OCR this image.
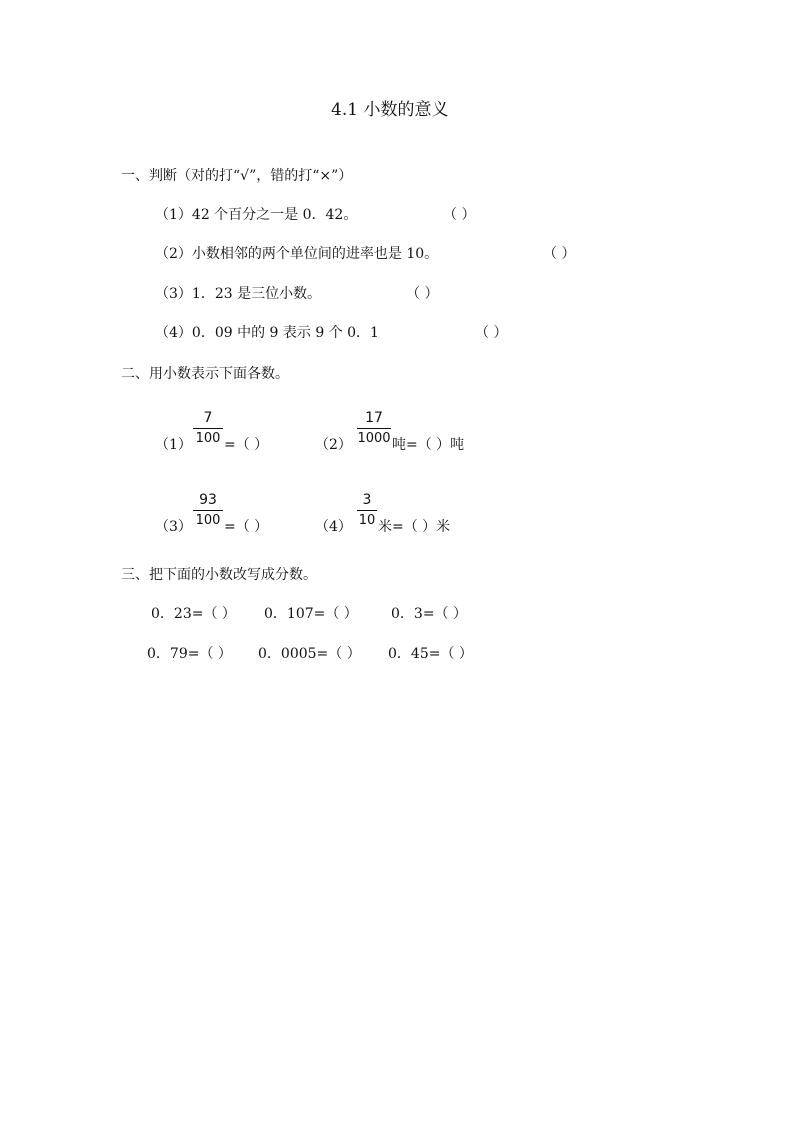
4.1 小数的意义
一、判断（对的打“√”，错的打“×”）
（1）42 个百分之一是 0．42。	（ ）
（2）小数相邻的两个单位间的进率也是 10。	（ ）
（3）1．23 是三位小数。	（ ）
（4）0．09 中的 9 表示 9 个 0．1	（ ）
二、用小数表示下面各数。
（1）
7
100 =（ ）	（2）
17
1000 吨=（ ）吨
（3）
93
100 =（ ）	（4）
3
10 米=（ ）米
三、把下面的小数改写成分数。
0．23=（ ） 0．107=（ ） 0．3=（ ）
0．79=（ ） 0．0005=（ ） 0．45=（ ）
